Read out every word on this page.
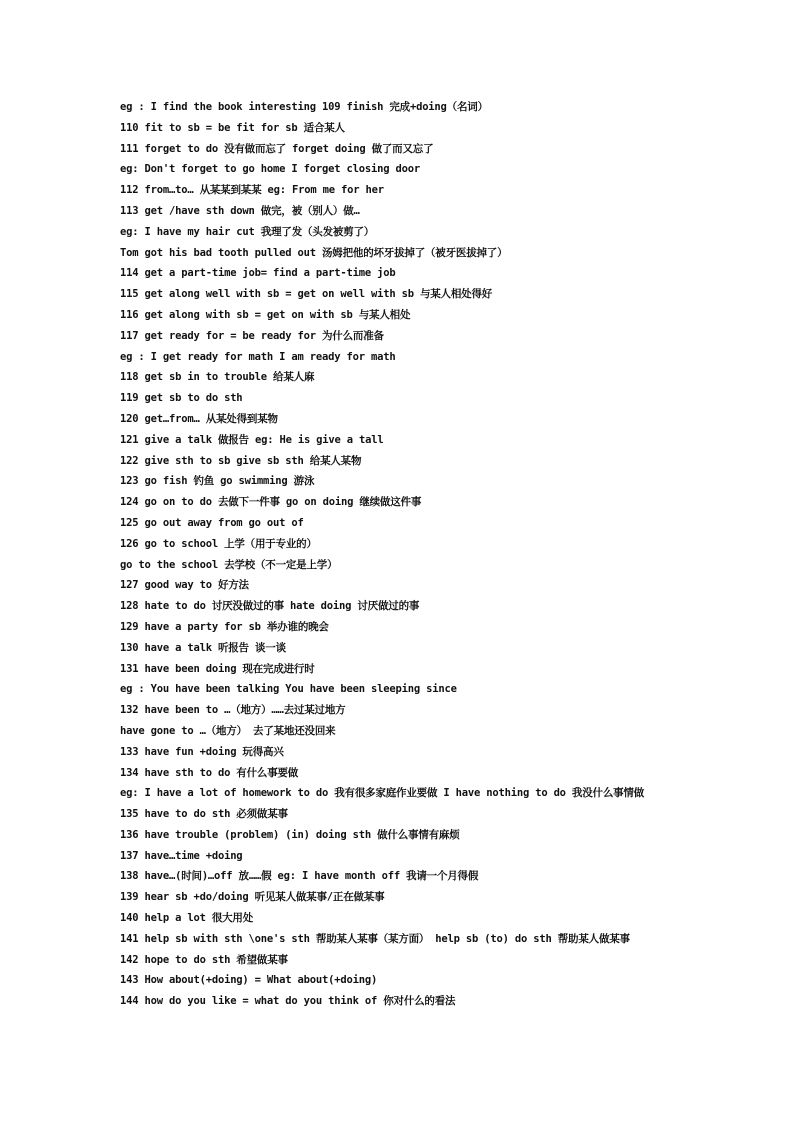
eg : I find the book interesting 109 finish 完成+doing（名词）
110 fit to sb = be fit for sb 适合某人
111 forget to do 没有做而忘了 forget doing 做了而又忘了
eg: Don't forget to go home I forget closing door
112 from…to… 从某某到某某 eg: From me for her
113 get /have sth down 做完，被（别人）做…
eg: I have my hair cut 我理了发（头发被剪了）
Tom got his bad tooth pulled out 汤姆把他的坏牙拔掉了（被牙医拔掉了）
114 get a part-time job= find a part-time job
115 get along well with sb = get on well with sb 与某人相处得好
116 get along with sb = get on with sb 与某人相处
117 get ready for = be ready for 为什么而准备
eg : I get ready for math I am ready for math
118 get sb in to trouble 给某人麻
119 get sb to do sth
120 get…from… 从某处得到某物
121 give a talk 做报告 eg: He is give a tall
122 give sth to sb give sb sth 给某人某物
123 go fish 钓鱼 go swimming 游泳
124 go on to do 去做下一件事 go on doing 继续做这件事
125 go out away from go out of
126 go to school 上学（用于专业的）
go to the school 去学校（不一定是上学）
127 good way to 好方法
128 hate to do 讨厌没做过的事 hate doing 讨厌做过的事
129 have a party for sb 举办谁的晚会
130 have a talk 听报告 谈一谈
131 have been doing 现在完成进行时
eg : You have been talking You have been sleeping since
132 have been to …（地方）……去过某过地方
have gone to …（地方） 去了某地还没回来
133 have fun +doing 玩得高兴
134 have sth to do 有什么事要做
eg: I have a lot of homework to do 我有很多家庭作业要做 I have nothing to do 我没什么事情做
135 have to do sth 必须做某事
136 have trouble (problem) (in) doing sth 做什么事情有麻烦
137 have…time +doing
138 have…(时间)…off 放……假 eg: I have month off 我请一个月得假
139 hear sb +do/doing 听见某人做某事/正在做某事
140 help a lot 很大用处
141 help sb with sth \one's sth 帮助某人某事（某方面） help sb (to) do sth 帮助某人做某事
142 hope to do sth 希望做某事
143 How about(+doing) = What about(+doing)
144 how do you like = what do you think of 你对什么的看法
